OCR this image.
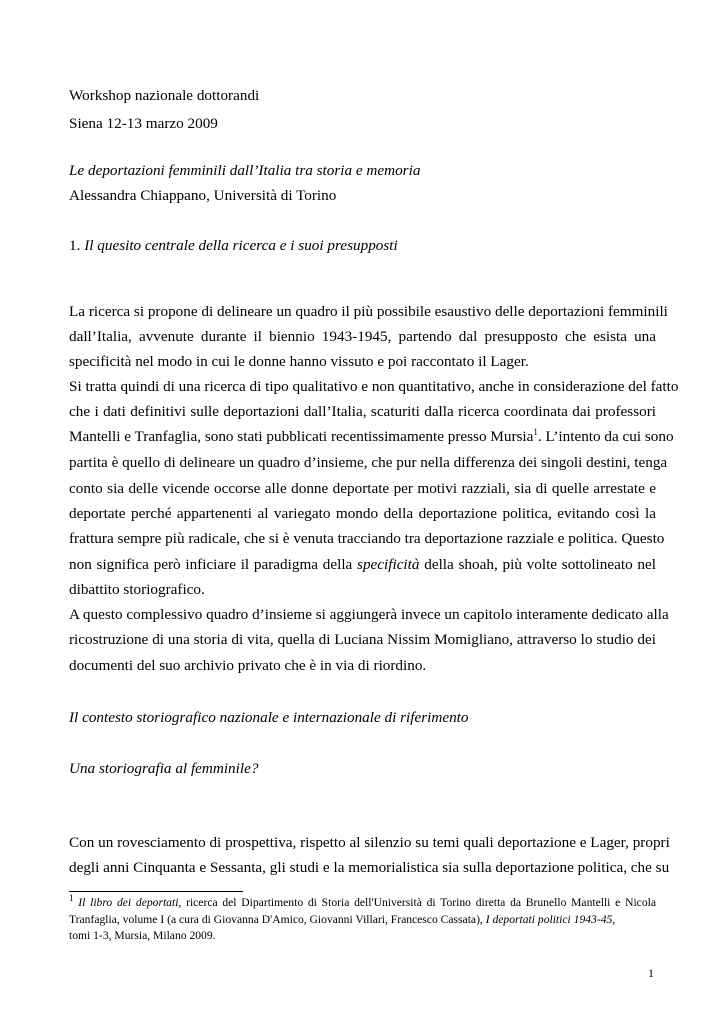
Workshop nazionale dottorandi
Siena 12-13 marzo 2009
Le deportazioni femminili dall’Italia tra storia e memoria
Alessandra Chiappano, Università di Torino
1. Il quesito centrale della ricerca e i suoi presupposti
La ricerca si propone di delineare un quadro il più possibile esaustivo delle deportazioni femminili
dall’Italia, avvenute durante il biennio 1943-1945, partendo dal presupposto che esista una
specificità nel modo in cui le donne hanno vissuto e poi raccontato il Lager.
Si tratta quindi di una ricerca di tipo qualitativo e non quantitativo, anche in considerazione del fatto
che i dati definitivi sulle deportazioni dall’Italia, scaturiti dalla ricerca coordinata dai professori
Mantelli e Tranfaglia, sono stati pubblicati recentissimamente presso Mursia$^1$. L’intento da cui sono
partita è quello di delineare un quadro d’insieme, che pur nella differenza dei singoli destini, tenga
conto sia delle vicende occorse alle donne deportate per motivi razziali, sia di quelle arrestate e
deportate perché appartenenti al variegato mondo della deportazione politica, evitando così la
frattura sempre più radicale, che si è venuta tracciando tra deportazione razziale e politica. Questo
non significa però inficiare il paradigma della specificità della shoah, più volte sottolineato nel
dibattito storiografico.
A questo complessivo quadro d’insieme si aggiungerà invece un capitolo interamente dedicato alla
ricostruzione di una storia di vita, quella di Luciana Nissim Momigliano, attraverso lo studio dei
documenti del suo archivio privato che è in via di riordino.
Il contesto storiografico nazionale e internazionale di riferimento
Una storiografia al femminile?
Con un rovesciamento di prospettiva, rispetto al silenzio su temi quali deportazione e Lager, propri
degli anni Cinquanta e Sessanta, gli studi e la memorialistica sia sulla deportazione politica, che su
$^1$ Il libro dei deportati, ricerca del Dipartimento di Storia dell'Università di Torino diretta da Brunello Mantelli e Nicola
Tranfaglia, volume I (a cura di Giovanna D'Amico, Giovanni Villari, Francesco Cassata), I deportati politici 1943-45,
tomi 1-3, Mursia, Milano 2009.
1
